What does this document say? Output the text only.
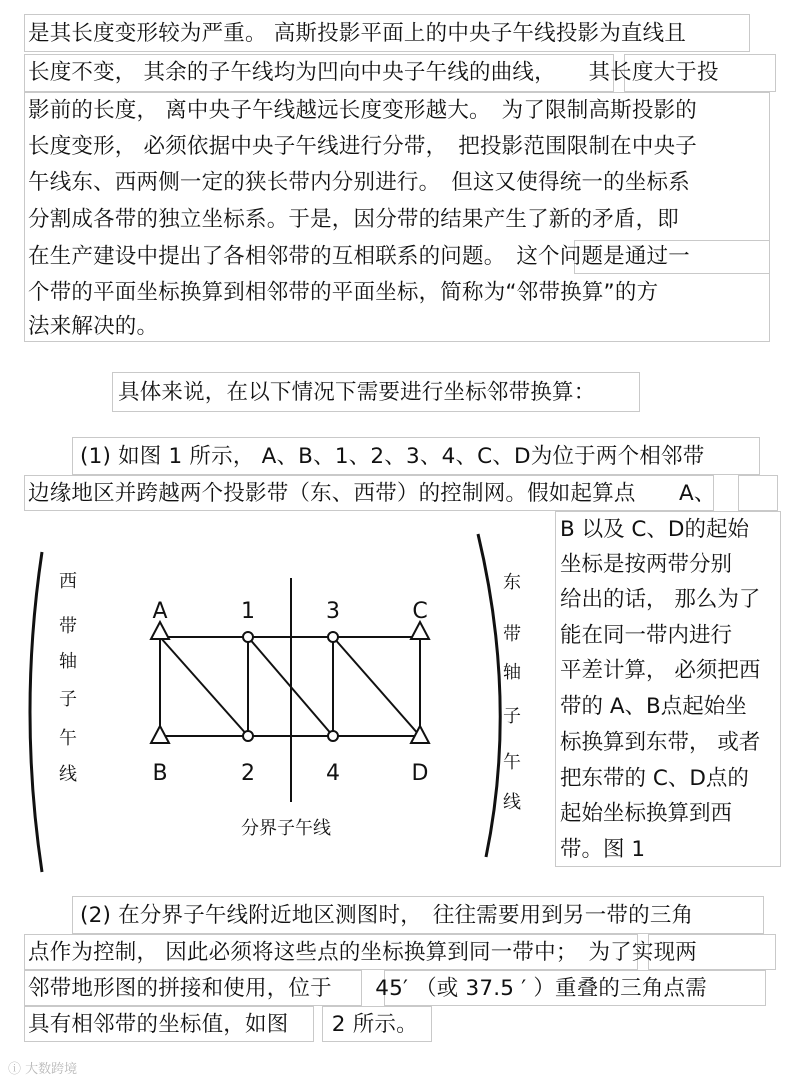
是其长度变形较为严重。 高斯投影平面上的中央子午线投影为直线且
长度不变， 其余的子午线均为凹向中央子午线的曲线，　　其长度大于投
影前的长度， 离中央子午线越远长度变形越大。　为了限制高斯投影的
长度变形， 必须依据中央子午线进行分带，　把投影范围限制在中央子
午线东、西两侧一定的狭长带内分别进行。　但这又使得统一的坐标系
分割成各带的独立坐标系。于是，因分带的结果产生了新的矛盾，即
在生产建设中提出了各相邻带的互相联系的问题。　这个问题是通过一
个带的平面坐标换算到相邻带的平面坐标，简称为“邻带换算”的方
法来解决的。
具体来说，在以下情况下需要进行坐标邻带换算：
(1) 如图 1 所示， A、B、1、2、3、4、C、D为位于两个相邻带
边缘地区并跨越两个投影带（东、西带）的控制网。假如起算点　　A、
B 以及 C、D的起始
坐标是按两带分别
给出的话， 那么为了
能在同一带内进行
平差计算， 必须把西
带的 A、B点起始坐
标换算到东带， 或者
把东带的 C、D点的
起始坐标换算到西
带。图 1
西
带
轴
子
午
线
东
带
轴
子
午
线
分界子午线
A	1	3	C
B	2	4	D
(2) 在分界子午线附近地区测图时，　往往需要用到另一带的三角
点作为控制， 因此必须将这些点的坐标换算到同一带中；　为了实现两
邻带地形图的拼接和使用，位于　　45′ （或 37.5 ′ ）重叠的三角点需
具有相邻带的坐标值，如图　　2 所示。
ⓘ 大数跨境
